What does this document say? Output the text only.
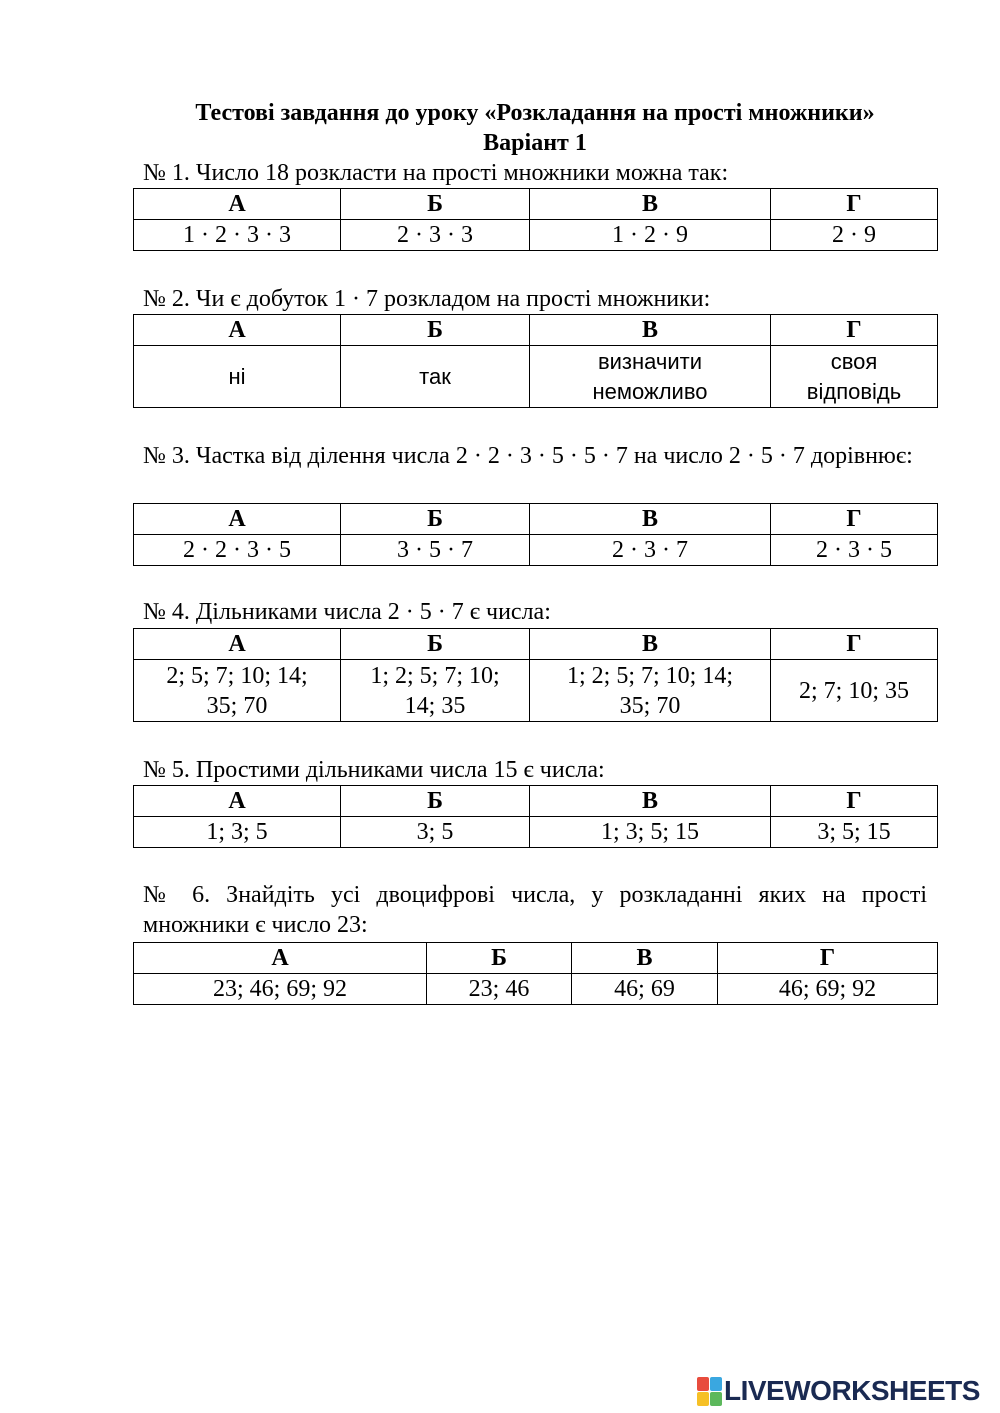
Тестові завдання до уроку «Розкладання на прості множники»
Варіант 1
№ 1. Число 18 розкласти на прості множники можна так:
А	Б	В	Г
1 · 2 · 3 · 3	2 · 3 · 3	1 · 2 · 9	2 · 9
№ 2. Чи є добуток 1 · 7 розкладом на прості множники:
А	Б	В	Г
ні	так	визначити неможливо	своя відповідь
№ 3. Частка від ділення числа 2 · 2 · 3 · 5 · 5 · 7 на число 2 · 5 · 7 дорівнює:
А	Б	В	Г
2 · 2 · 3 · 5	3 · 5 · 7	2 · 3 · 7	2 · 3 · 5
№ 4. Дільниками числа 2 · 5 · 7 є числа:
А	Б	В	Г
2; 5; 7; 10; 14; 35; 70	1; 2; 5; 7; 10; 14; 35	1; 2; 5; 7; 10; 14; 35; 70	2; 7; 10; 35
№ 5. Простими дільниками числа 15 є числа:
А	Б	В	Г
1; 3; 5	3; 5	1; 3; 5; 15	3; 5; 15
№ 6. Знайдіть усі двоцифрові числа, у розкладанні яких на прості множники є число 23:
А	Б	В	Г
23; 46; 69; 92	23; 46	46; 69	46; 69; 92
LIVEWORKSHEETS
